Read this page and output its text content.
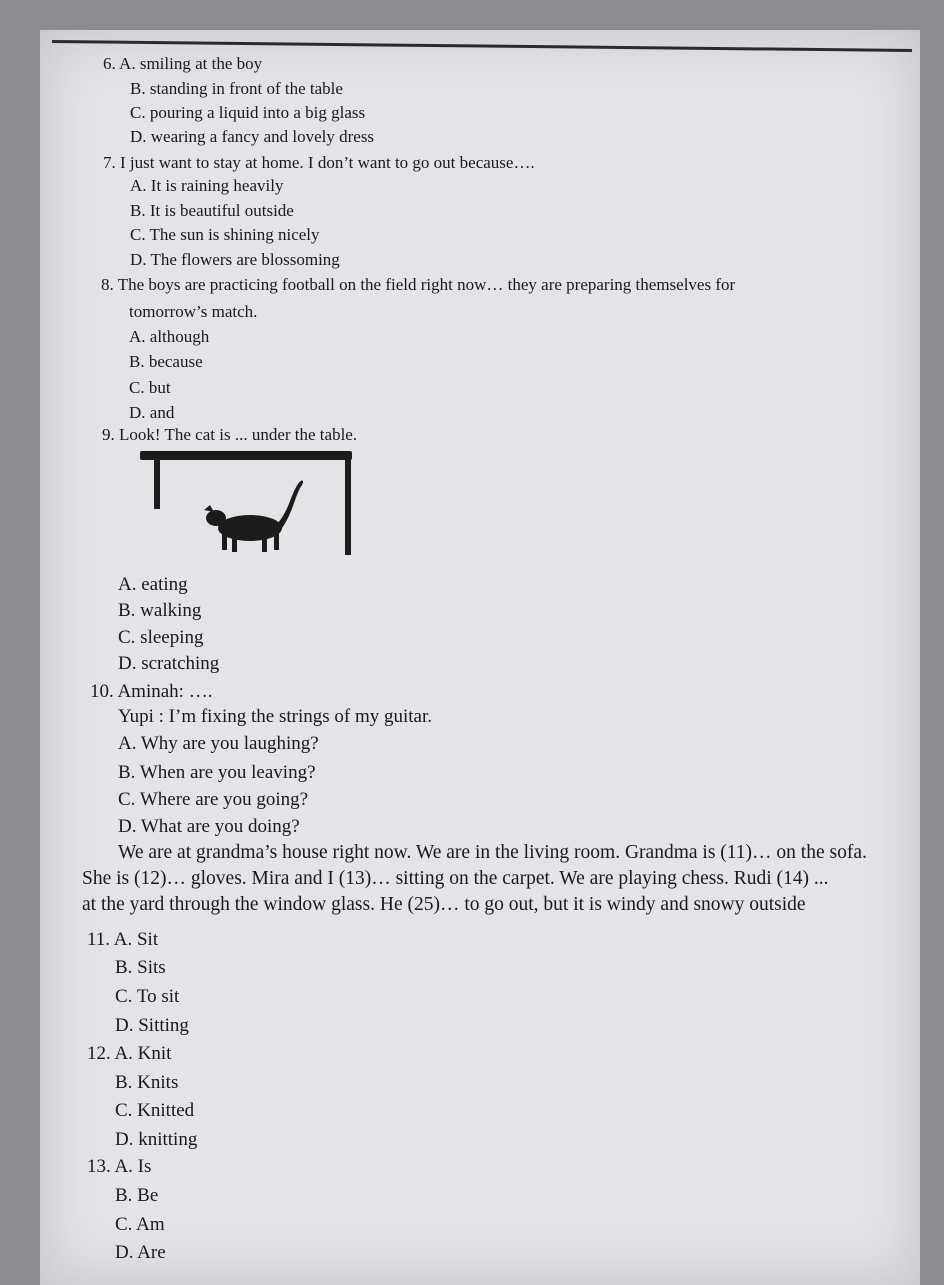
6. A. smiling at the boy
B. standing in front of the table
C. pouring a liquid into a big glass
D. wearing a fancy and lovely dress
7. I just want to stay at home. I don’t want to go out because….
A. It is raining heavily
B. It is beautiful outside
C. The sun is shining nicely
D. The flowers are blossoming
8. The boys are practicing football on the field right now… they are preparing themselves for
tomorrow’s match.
A. although
B. because
C. but
D. and
9. Look! The cat is ... under the table.
A. eating
B. walking
C. sleeping
D. scratching
10. Aminah: ….
Yupi : I’m fixing the strings of my guitar.
A. Why are you laughing?
B. When are you leaving?
C. Where are you going?
D. What are you doing?
We are at grandma’s house right now. We are in the living room. Grandma is (11)… on the sofa.
She is (12)… gloves. Mira and I (13)… sitting on the carpet. We are playing chess. Rudi (14) ...
at the yard through the window glass. He (25)… to go out, but it is windy and snowy outside
11. A. Sit
B. Sits
C. To sit
D. Sitting
12. A. Knit
B. Knits
C. Knitted
D. knitting
13. A. Is
B. Be
C. Am
D. Are
